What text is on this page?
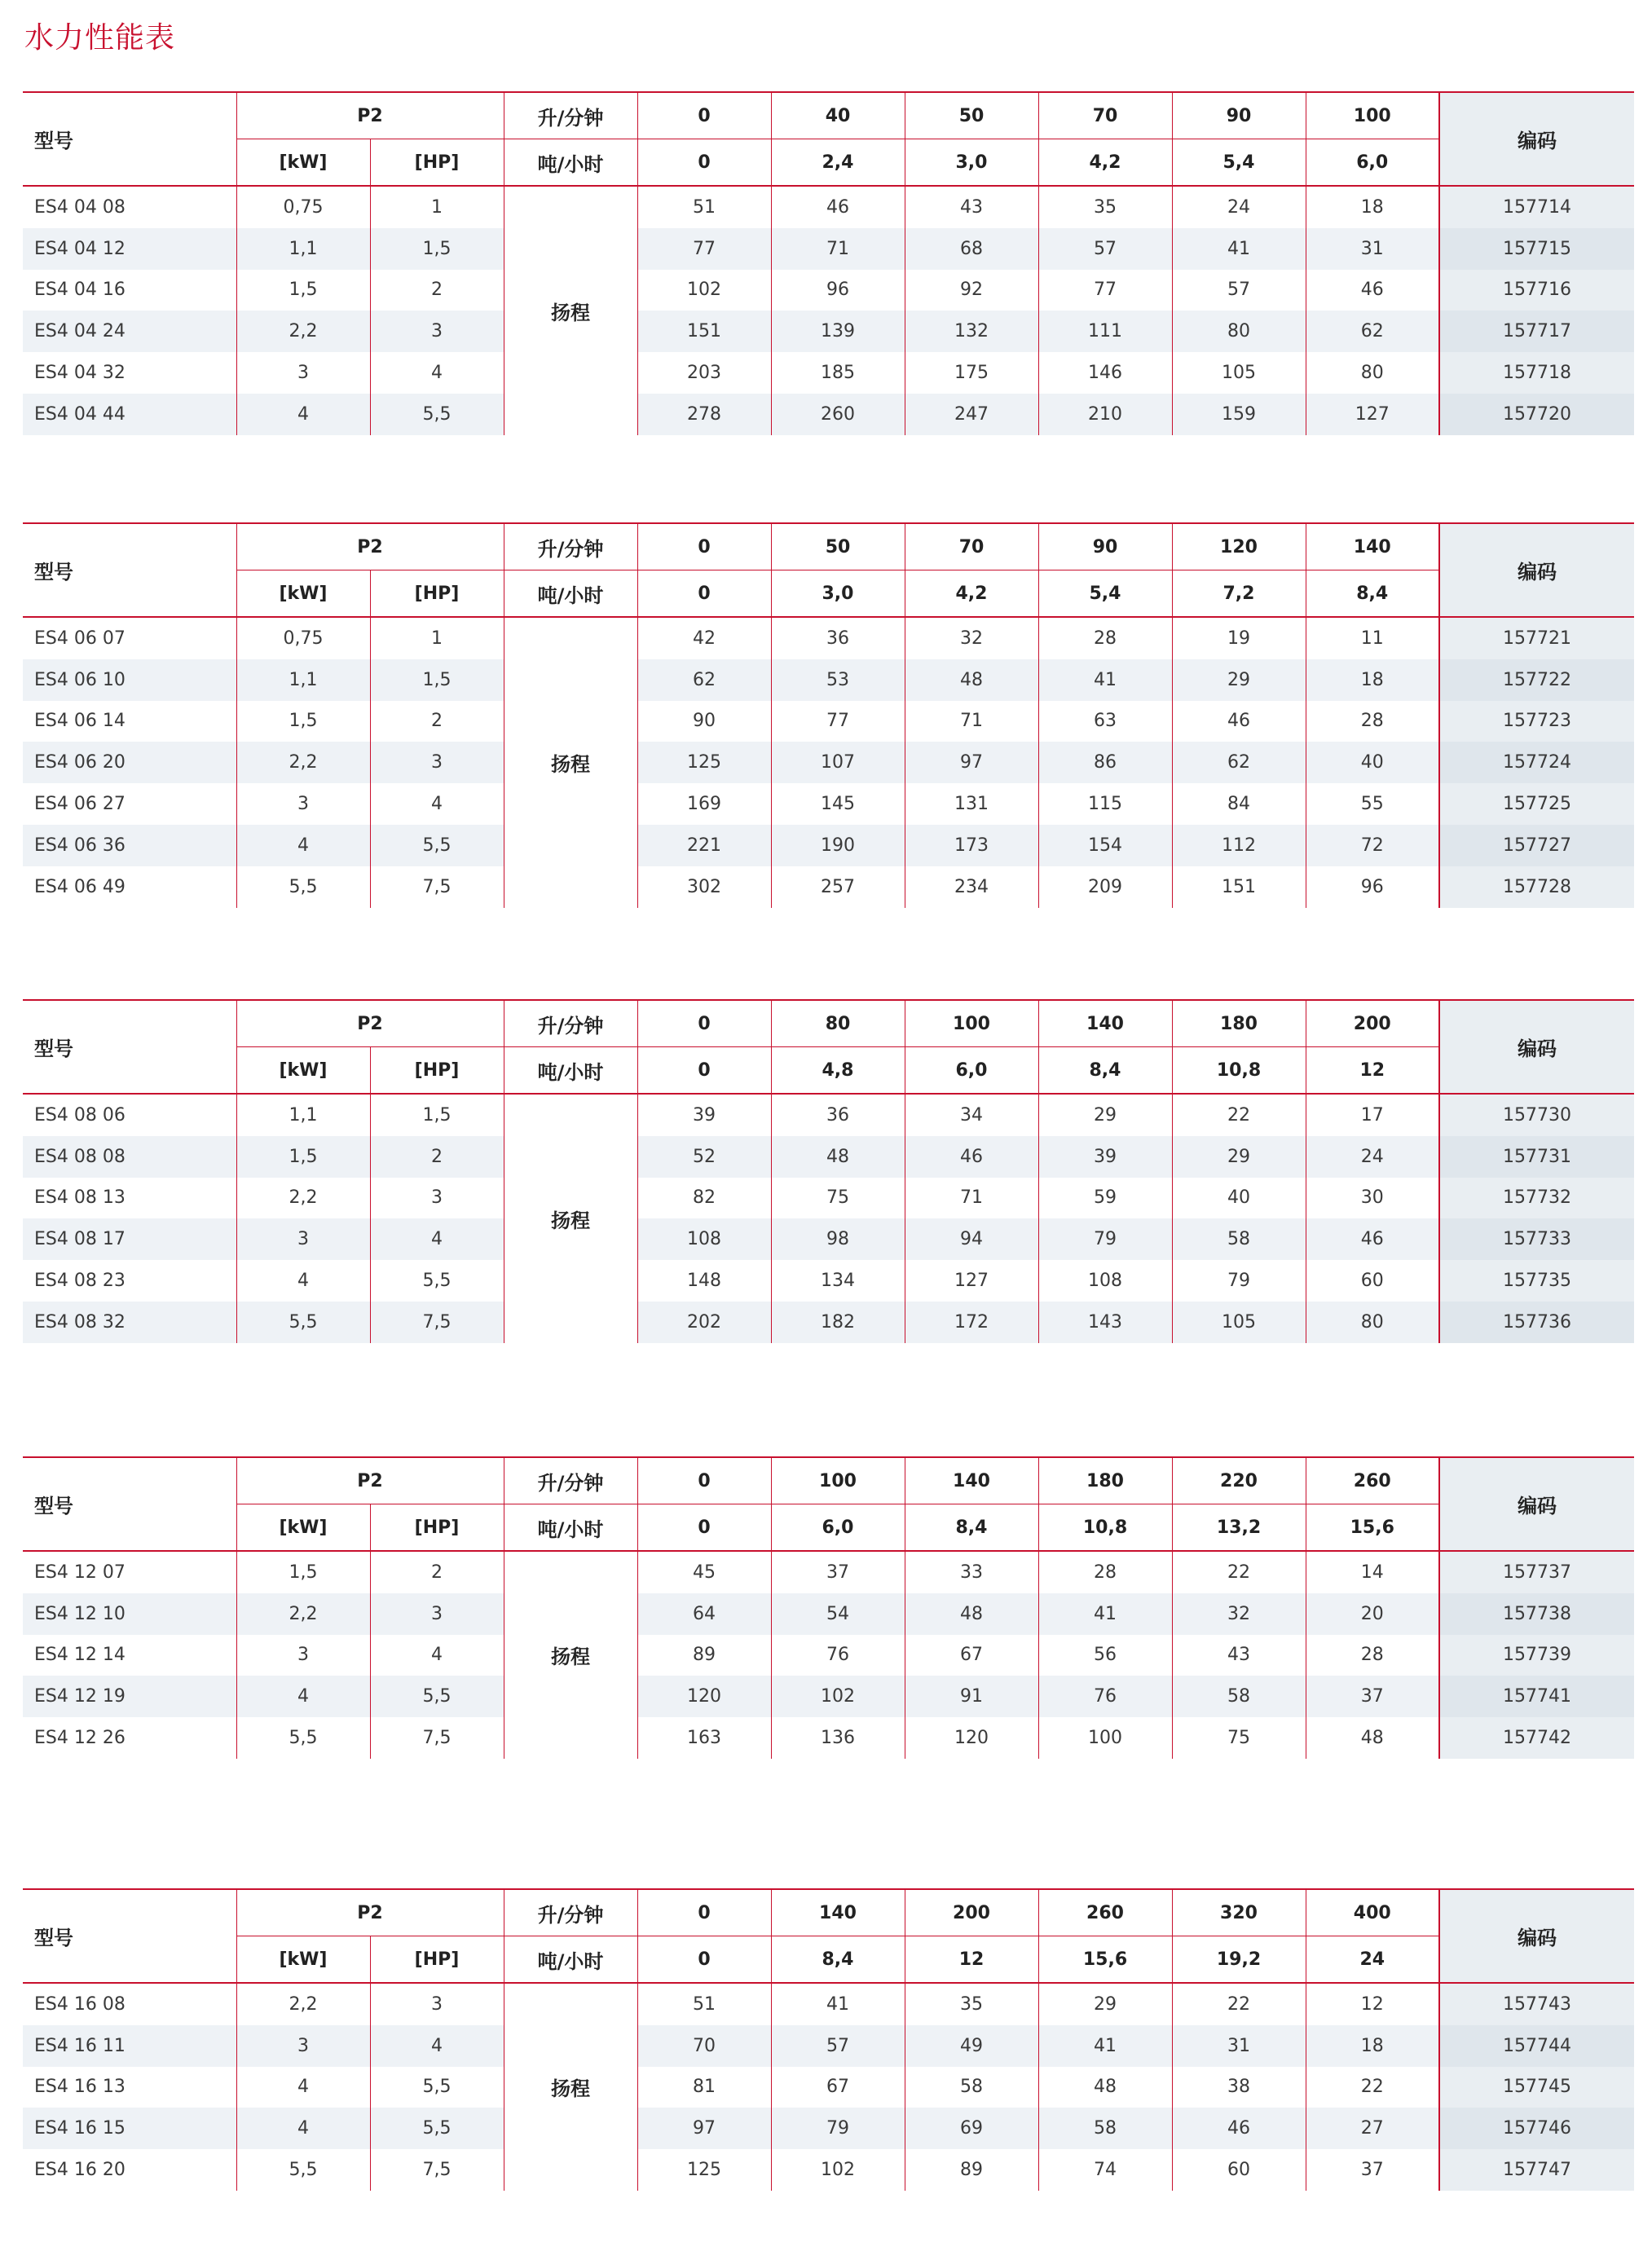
水力性能表
型号	P2		升/分钟	0	40	50	70	90	100	编码
	[kW]	[HP]	吨/小时	0	2,4	3,0	4,2	5,4	6,0	
ES4 04 08	0,75	1	扬程	51	46	43	35	24	18	157714
ES4 04 12	1,1	1,5		77	71	68	57	41	31	157715
ES4 04 16	1,5	2		102	96	92	77	57	46	157716
ES4 04 24	2,2	3		151	139	132	111	80	62	157717
ES4 04 32	3	4		203	185	175	146	105	80	157718
ES4 04 44	4	5,5		278	260	247	210	159	127	157720
型号	P2		升/分钟	0	50	70	90	120	140	编码
	[kW]	[HP]	吨/小时	0	3,0	4,2	5,4	7,2	8,4	
ES4 06 07	0,75	1	扬程	42	36	32	28	19	11	157721
ES4 06 10	1,1	1,5		62	53	48	41	29	18	157722
ES4 06 14	1,5	2		90	77	71	63	46	28	157723
ES4 06 20	2,2	3		125	107	97	86	62	40	157724
ES4 06 27	3	4		169	145	131	115	84	55	157725
ES4 06 36	4	5,5		221	190	173	154	112	72	157727
ES4 06 49	5,5	7,5		302	257	234	209	151	96	157728
型号	P2		升/分钟	0	80	100	140	180	200	编码
	[kW]	[HP]	吨/小时	0	4,8	6,0	8,4	10,8	12	
ES4 08 06	1,1	1,5	扬程	39	36	34	29	22	17	157730
ES4 08 08	1,5	2		52	48	46	39	29	24	157731
ES4 08 13	2,2	3		82	75	71	59	40	30	157732
ES4 08 17	3	4		108	98	94	79	58	46	157733
ES4 08 23	4	5,5		148	134	127	108	79	60	157735
ES4 08 32	5,5	7,5		202	182	172	143	105	80	157736
型号	P2		升/分钟	0	100	140	180	220	260	编码
	[kW]	[HP]	吨/小时	0	6,0	8,4	10,8	13,2	15,6	
ES4 12 07	1,5	2	扬程	45	37	33	28	22	14	157737
ES4 12 10	2,2	3		64	54	48	41	32	20	157738
ES4 12 14	3	4		89	76	67	56	43	28	157739
ES4 12 19	4	5,5		120	102	91	76	58	37	157741
ES4 12 26	5,5	7,5		163	136	120	100	75	48	157742
型号	P2		升/分钟	0	140	200	260	320	400	编码
	[kW]	[HP]	吨/小时	0	8,4	12	15,6	19,2	24	
ES4 16 08	2,2	3	扬程	51	41	35	29	22	12	157743
ES4 16 11	3	4		70	57	49	41	31	18	157744
ES4 16 13	4	5,5		81	67	58	48	38	22	157745
ES4 16 15	4	5,5		97	79	69	58	46	27	157746
ES4 16 20	5,5	7,5		125	102	89	74	60	37	157747
